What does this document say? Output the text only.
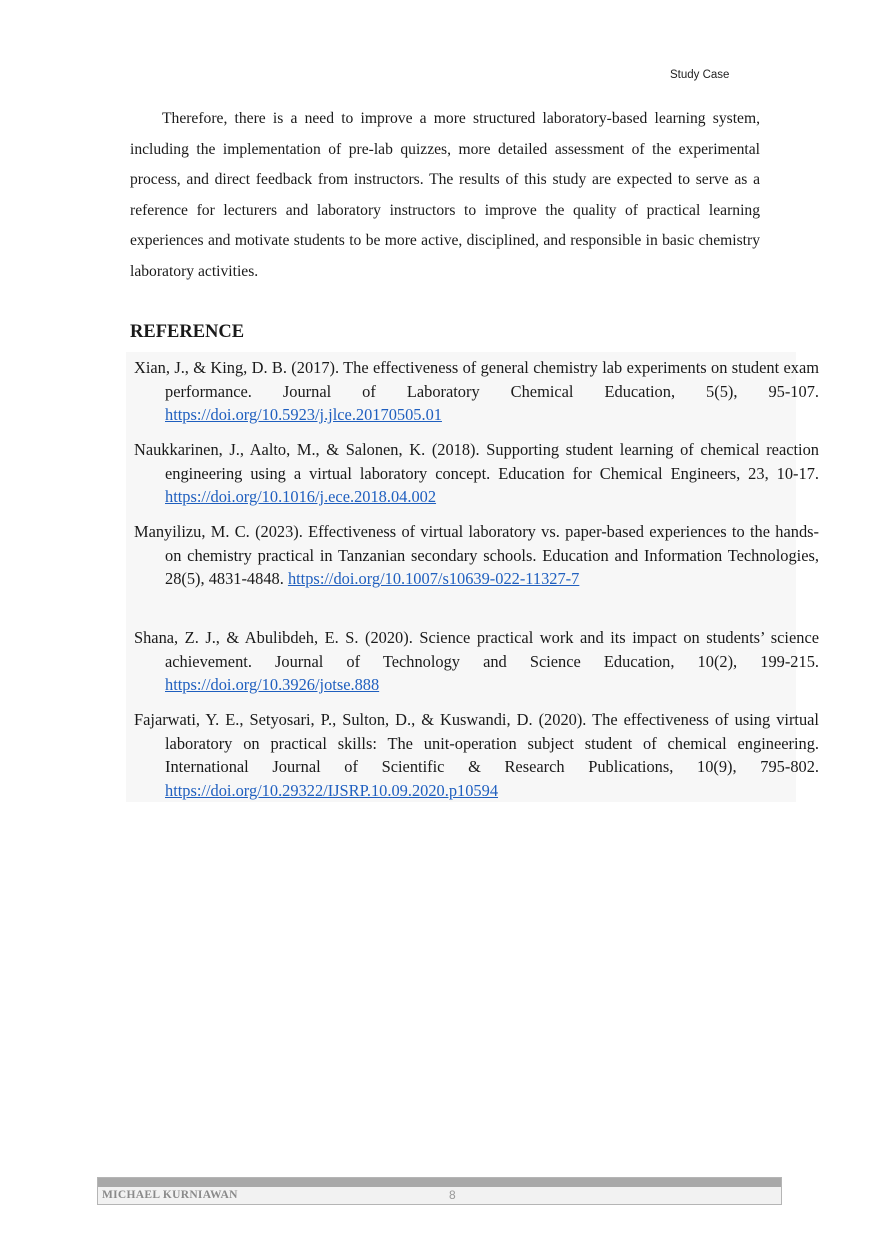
Study Case

Therefore, there is a need to improve a more structured laboratory-based learning system, including the implementation of pre-lab quizzes, more detailed assessment of the experimental process, and direct feedback from instructors. The results of this study are expected to serve as a reference for lecturers and laboratory instructors to improve the quality of practical learning experiences and motivate students to be more active, disciplined, and responsible in basic chemistry laboratory activities.

REFERENCE
Xian, J., & King, D. B. (2017). The effectiveness of general chemistry lab experiments on student exam performance. Journal of Laboratory Chemical Education, 5(5), 95-107. https://doi.org/10.5923/j.jlce.20170505.01
Naukkarinen, J., Aalto, M., & Salonen, K. (2018). Supporting student learning of chemical reaction engineering using a virtual laboratory concept. Education for Chemical Engineers, 23, 10-17. https://doi.org/10.1016/j.ece.2018.04.002
Manyilizu, M. C. (2023). Effectiveness of virtual laboratory vs. paper-based experiences to the hands-on chemistry practical in Tanzanian secondary schools. Education and Information Technologies, 28(5), 4831-4848. https://doi.org/10.1007/s10639-022-11327-7
Shana, Z. J., & Abulibdeh, E. S. (2020). Science practical work and its impact on students’ science achievement. Journal of Technology and Science Education, 10(2), 199-215. https://doi.org/10.3926/jotse.888
Fajarwati, Y. E., Setyosari, P., Sulton, D., & Kuswandi, D. (2020). The effectiveness of using virtual laboratory on practical skills: The unit-operation subject student of chemical engineering. International Journal of Scientific & Research Publications, 10(9), 795-802. https://doi.org/10.29322/IJSRP.10.09.2020.p10594
MICHAEL KURNIAWAN	8
